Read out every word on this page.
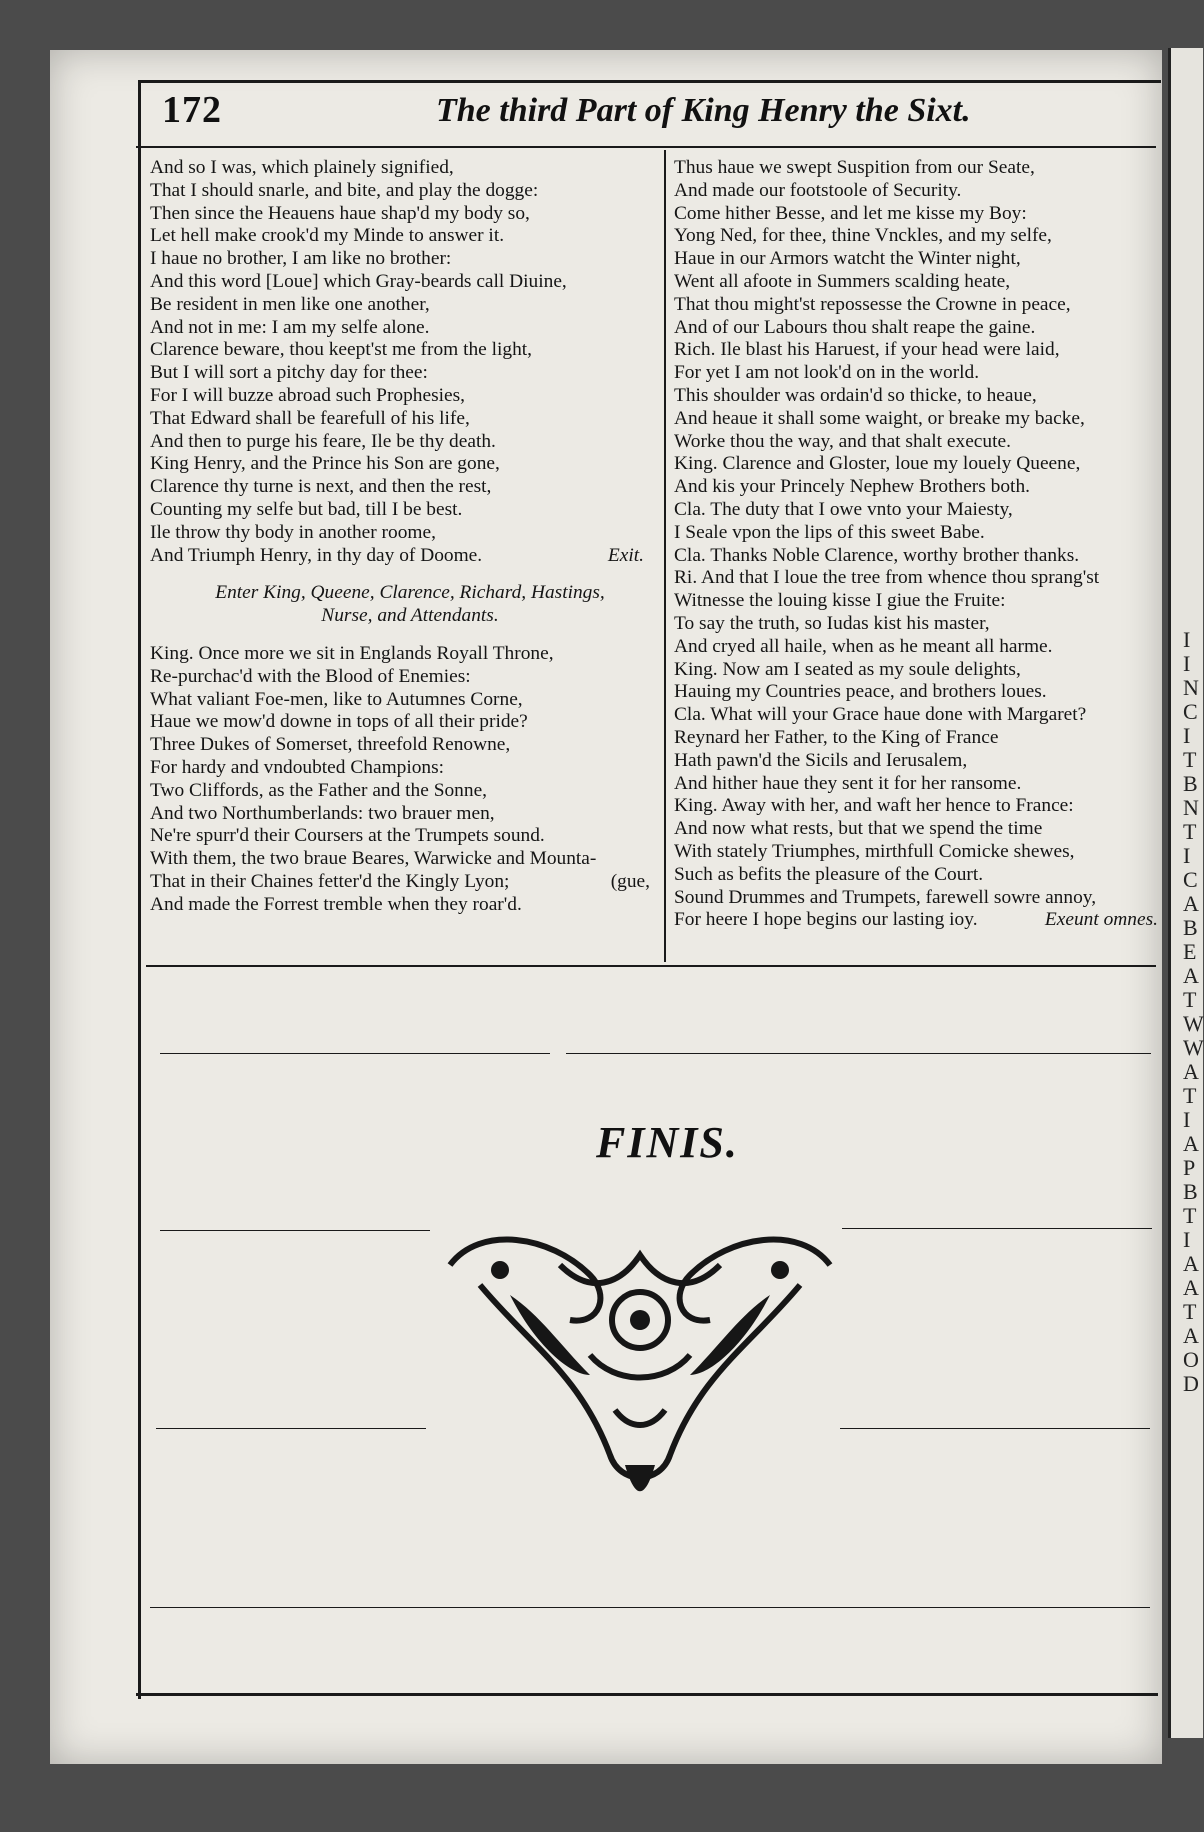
I
I
N
C
I
T
B
N
T
I
C
A
B
E
A
T
W
W
A
T
I
A
P
B
T
I
A
A
T
A
O
D
172	The third Part of King Henry the Sixt.
And so I was, which plainely signified,
That I should snarle, and bite, and play the dogge:
Then since the Heauens haue shap'd my body so,
Let hell make crook'd my Minde to answer it.
I haue no brother, I am like no brother:
And this word [Loue] which Gray-beards call Diuine,
Be resident in men like one another,
And not in me: I am my selfe alone.
Clarence beware, thou keept'st me from the light,
But I will sort a pitchy day for thee:
For I will buzze abroad such Prophesies,
That Edward shall be fearefull of his life,
And then to purge his feare, Ile be thy death.
King Henry, and the Prince his Son are gone,
Clarence thy turne is next, and then the rest,
Counting my selfe but bad, till I be best.
Ile throw thy body in another roome,
And Triumph Henry, in thy day of Doome.	Exit.
Enter King, Queene, Clarence, Richard, Hastings,
Nurse, and Attendants.
King. Once more we sit in Englands Royall Throne,
Re-purchac'd with the Blood of Enemies:
What valiant Foe-men, like to Autumnes Corne,
Haue we mow'd downe in tops of all their pride?
Three Dukes of Somerset, threefold Renowne,
For hardy and vndoubted Champions:
Two Cliffords, as the Father and the Sonne,
And two Northumberlands: two brauer men,
Ne're spurr'd their Coursers at the Trumpets sound.
With them, the two braue Beares, Warwicke and Mounta-
That in their Chaines fetter'd the Kingly Lyon;	(gue,
And made the Forrest tremble when they roar'd.
Thus haue we swept Suspition from our Seate,
And made our footstoole of Security.
Come hither Besse, and let me kisse my Boy:
Yong Ned, for thee, thine Vnckles, and my selfe,
Haue in our Armors watcht the Winter night,
Went all afoote in Summers scalding heate,
That thou might'st repossesse the Crowne in peace,
And of our Labours thou shalt reape the gaine.
Rich. Ile blast his Haruest, if your head were laid,
For yet I am not look'd on in the world.
This shoulder was ordain'd so thicke, to heaue,
And heaue it shall some waight, or breake my backe,
Worke thou the way, and that shalt execute.
King. Clarence and Gloster, loue my louely Queene,
And kis your Princely Nephew Brothers both.
Cla. The duty that I owe vnto your Maiesty,
I Seale vpon the lips of this sweet Babe.
Cla. Thanks Noble Clarence, worthy brother thanks.
Ri. And that I loue the tree from whence thou sprang'st
Witnesse the louing kisse I giue the Fruite:
To say the truth, so Iudas kist his master,
And cryed all haile, when as he meant all harme.
King. Now am I seated as my soule delights,
Hauing my Countries peace, and brothers loues.
Cla. What will your Grace haue done with Margaret?
Reynard her Father, to the King of France
Hath pawn'd the Sicils and Ierusalem,
And hither haue they sent it for her ransome.
King. Away with her, and waft her hence to France:
And now what rests, but that we spend the time
With stately Triumphes, mirthfull Comicke shewes,
Such as befits the pleasure of the Court.
Sound Drummes and Trumpets, farewell sowre annoy,
For heere I hope begins our lasting ioy.	Exeunt omnes.
FINIS.
